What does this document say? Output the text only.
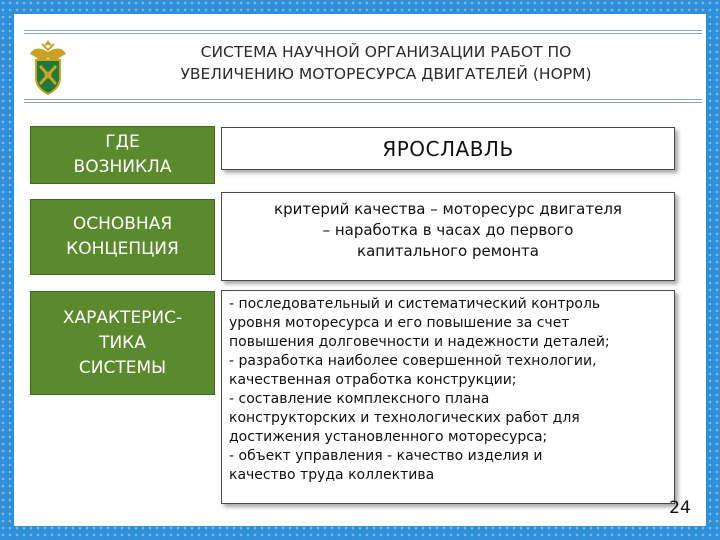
СИСТЕМА НАУЧНОЙ ОРГАНИЗАЦИИ РАБОТ ПО
УВЕЛИЧЕНИЮ МОТОРЕСУРСА ДВИГАТЕЛЕЙ (НОРМ)
ГДЕ
ВОЗНИКЛА
ЯРОСЛАВЛЬ
ОСНОВНАЯ
КОНЦЕПЦИЯ
критерий качества – моторесурс двигателя
– наработка в часах до первого
капитального ремонта
ХАРАКТЕРИС-
ТИКА
СИСТЕМЫ
- последовательный и систематический контроль
уровня моторесурса и его повышение за счет
повышения долговечности и надежности деталей;
- разработка наиболее совершенной технологии,
качественная отработка конструкции;
- составление комплексного плана
конструкторских и технологических работ для
достижения установленного моторесурса;
- объект управления - качество изделия и
качество труда коллектива
24
